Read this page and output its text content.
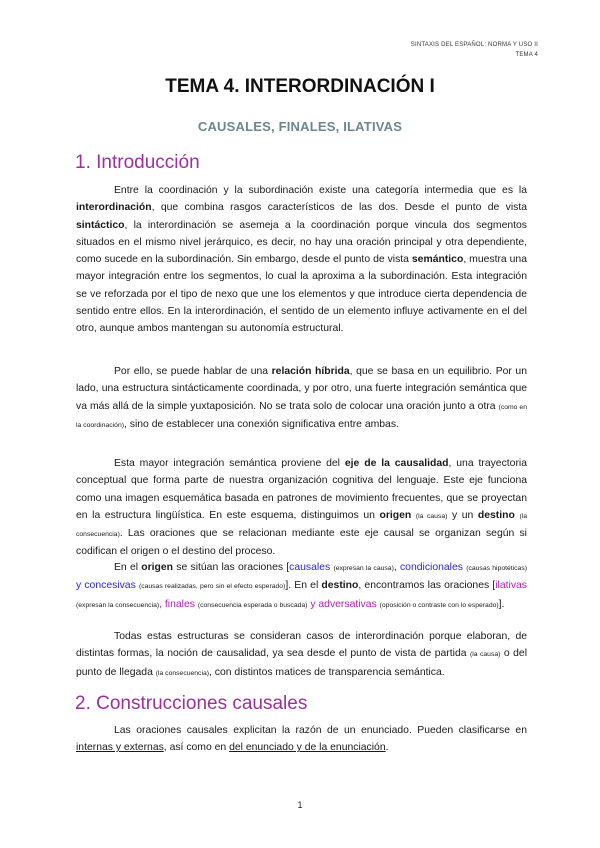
SINTAXIS DEL ESPAÑOL: NORMA Y USO II
TEMA 4
TEMA 4. INTERORDINACIÓN I
CAUSALES, FINALES, ILATIVAS
1. Introducción

Entre la coordinación y la subordinación existe una categoría intermedia que es la interordinación, que combina rasgos característicos de las dos. Desde el punto de vista sintáctico, la interordinación se asemeja a la coordinación porque vincula dos segmentos situados en el mismo nivel jerárquico, es decir, no hay una oración principal y otra dependiente, como sucede en la subordinación. Sin embargo, desde el punto de vista semántico, muestra una mayor integración entre los segmentos, lo cual la aproxima a la subordinación. Esta integración se ve reforzada por el tipo de nexo que une los elementos y que introduce cierta dependencia de sentido entre ellos. En la interordinación, el sentido de un elemento influye activamente en el del otro, aunque ambos mantengan su autonomía estructural.

Por ello, se puede hablar de una relación híbrida, que se basa en un equilibrio. Por un lado, una estructura sintácticamente coordinada, y por otro, una fuerte integración semántica que va más allá de la simple yuxtaposición. No se trata solo de colocar una oración junto a otra (como en la coordinación), sino de establecer una conexión significativa entre ambas.

Esta mayor integración semántica proviene del eje de la causalidad, una trayectoria conceptual que forma parte de nuestra organización cognitiva del lenguaje. Este eje funciona como una imagen esquemática basada en patrones de movimiento frecuentes, que se proyectan en la estructura lingüística. En este esquema, distinguimos un origen (la causa) y un destino (la consecuencia). Las oraciones que se relacionan mediante este eje causal se organizan según si codifican el origen o el destino del proceso.

En el origen se sitúan las oraciones [causales (expresan la causa), condicionales (causas hipotéticas) y concesivas (causas realizadas, pero sin el efecto esperado)]. En el destino, encontramos las oraciones [ilativas (expresan la consecuencia), finales (consecuencia esperada o buscada) y adversativas (oposición o contraste con lo esperado)].

Todas estas estructuras se consideran casos de interordinación porque elaboran, de distintas formas, la noción de causalidad, ya sea desde el punto de vista de partida (la causa) o del punto de llegada (la consecuencia), con distintos matices de transparencia semántica.

2. Construcciones causales

Las oraciones causales explicitan la razón de un enunciado. Pueden clasificarse en internas y externas, así como en del enunciado y de la enunciación.

1
